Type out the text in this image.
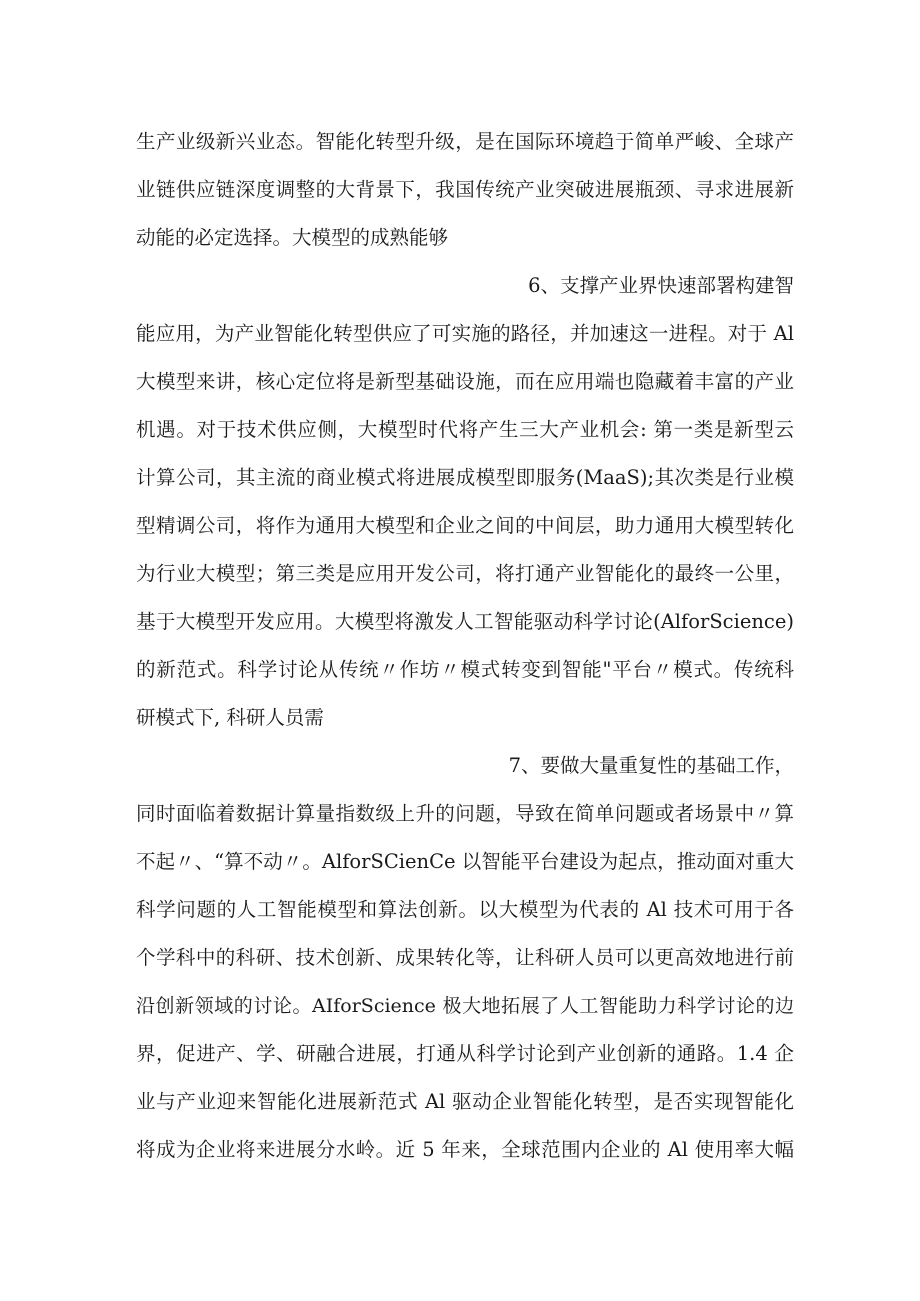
生产业级新兴业态。智能化转型升级，是在国际环境趋于简单严峻、全球产
业链供应链深度调整的大背景下，我国传统产业突破进展瓶颈、寻求进展新
动能的必定选择。大模型的成熟能够
6、支撑产业界快速部署构建智
能应用，为产业智能化转型供应了可实施的路径，并加速这一进程。对于 Al
大模型来讲，核心定位将是新型基础设施，而在应用端也隐藏着丰富的产业
机遇。对于技术供应侧，大模型时代将产生三大产业机会: 第一类是新型云
计算公司，其主流的商业模式将进展成模型即服务(MaaS);其次类是行业模
型精调公司，将作为通用大模型和企业之间的中间层，助力通用大模型转化
为行业大模型；第三类是应用开发公司，将打通产业智能化的最终一公里，
基于大模型开发应用。大模型将激发人工智能驱动科学讨论(AlforScience)
的新范式。科学讨论从传统〃作坊〃模式转变到智能"平台〃模式。传统科
研模式下, 科研人员需
7、要做大量重复性的基础工作，
同时面临着数据计算量指数级上升的问题，导致在简单问题或者场景中〃算
不起〃、“算不动〃。AlforSCienCe 以智能平台建设为起点，推动面对重大
科学问题的人工智能模型和算法创新。以大模型为代表的 Al 技术可用于各
个学科中的科研、技术创新、成果转化等，让科研人员可以更高效地进行前
沿创新领域的讨论。AIforScience 极大地拓展了人工智能助力科学讨论的边
界，促进产、学、研融合进展，打通从科学讨论到产业创新的通路。1.4 企
业与产业迎来智能化进展新范式 Al 驱动企业智能化转型，是否实现智能化
将成为企业将来进展分水岭。近 5 年来，全球范围内企业的 Al 使用率大幅
